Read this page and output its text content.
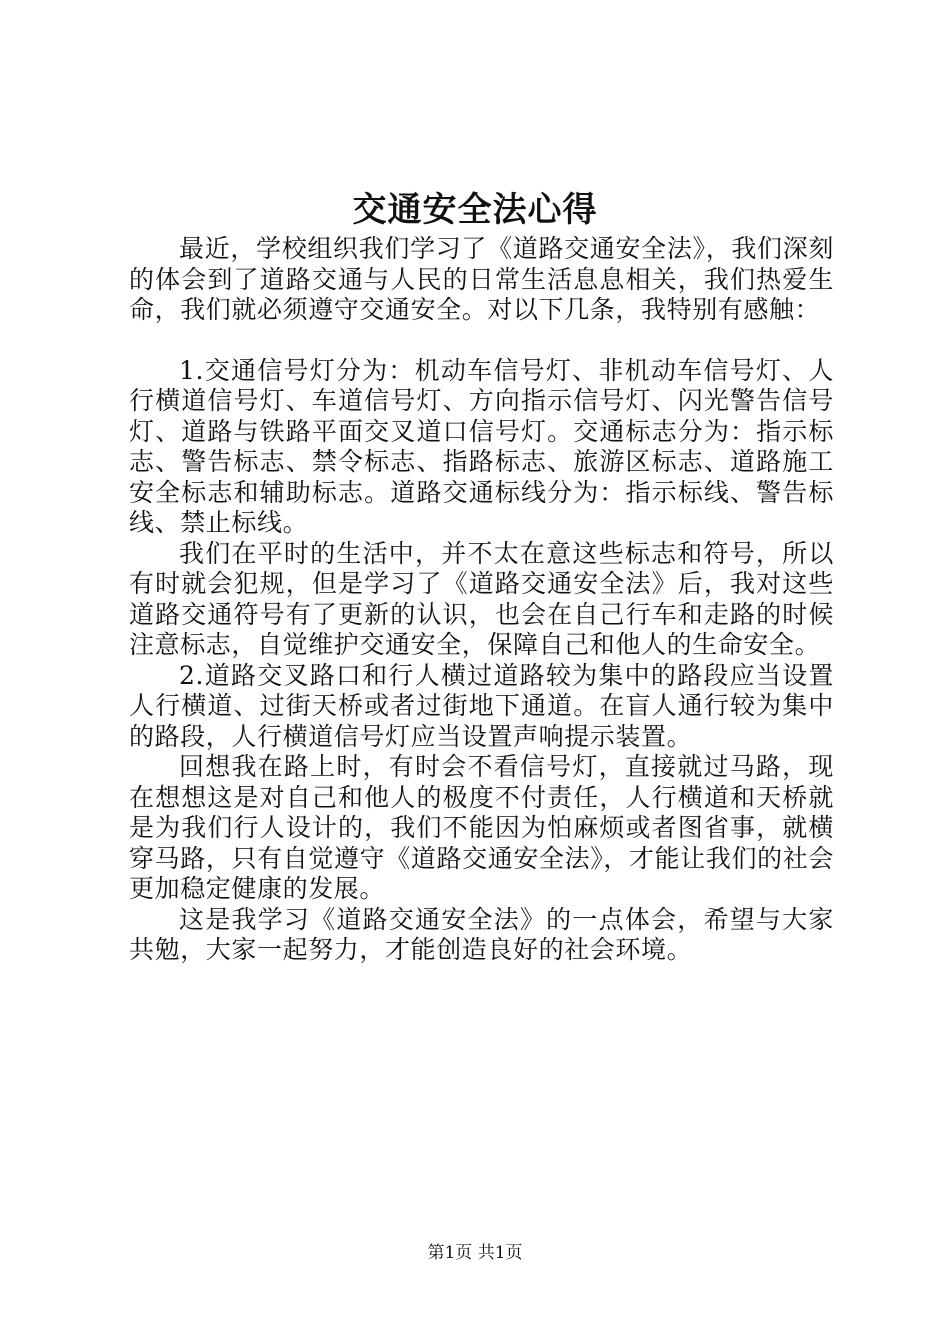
交通安全法心得

最近，学校组织我们学习了《道路交通安全法》，我们深刻的体会到了道路交通与人民的日常生活息息相关，我们热爱生命，我们就必须遵守交通安全。对以下几条，我特别有感触：

1.交通信号灯分为：机动车信号灯、非机动车信号灯、人行横道信号灯、车道信号灯、方向指示信号灯、闪光警告信号灯、道路与铁路平面交叉道口信号灯。交通标志分为：指示标志、警告标志、禁令标志、指路标志、旅游区标志、道路施工安全标志和辅助标志。道路交通标线分为：指示标线、警告标线、禁止标线。

我们在平时的生活中，并不太在意这些标志和符号，所以有时就会犯规，但是学习了《道路交通安全法》后，我对这些道路交通符号有了更新的认识，也会在自己行车和走路的时候注意标志，自觉维护交通安全，保障自己和他人的生命安全。

2.道路交叉路口和行人横过道路较为集中的路段应当设置人行横道、过街天桥或者过街地下通道。在盲人通行较为集中的路段，人行横道信号灯应当设置声响提示装置。

回想我在路上时，有时会不看信号灯，直接就过马路，现在想想这是对自己和他人的极度不付责任，人行横道和天桥就是为我们行人设计的，我们不能因为怕麻烦或者图省事，就横穿马路，只有自觉遵守《道路交通安全法》，才能让我们的社会更加稳定健康的发展。

这是我学习《道路交通安全法》的一点体会，希望与大家共勉，大家一起努力，才能创造良好的社会环境。

第1页 共1页
